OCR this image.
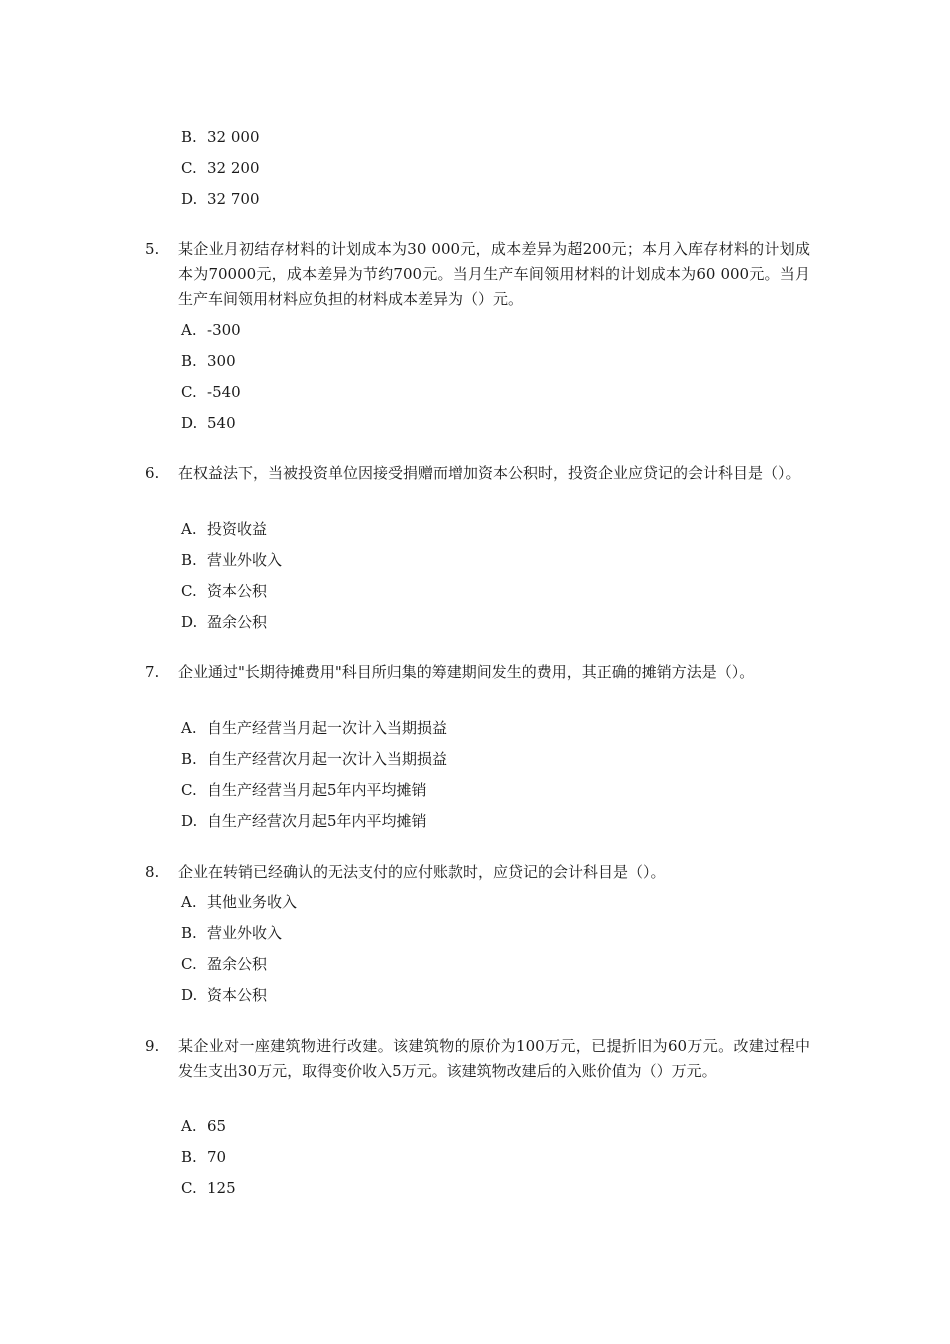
B. 32 000
C. 32 200
D. 32 700
5. 某企业月初结存材料的计划成本为30 000元，成本差异为超200元；本月入库存材料的计划成本为70000元，成本差异为节约700元。当月生产车间领用材料的计划成本为60 000元。当月生产车间领用材料应负担的材料成本差异为（）元。
A. -300
B. 300
C. -540
D. 540
6. 在权益法下，当被投资单位因接受捐赠而增加资本公积时，投资企业应贷记的会计科目是（）。
A. 投资收益
B. 营业外收入
C. 资本公积
D. 盈余公积
7. 企业通过"长期待摊费用"科目所归集的筹建期间发生的费用，其正确的摊销方法是（）。
A. 自生产经营当月起一次计入当期损益
B. 自生产经营次月起一次计入当期损益
C. 自生产经营当月起5年内平均摊销
D. 自生产经营次月起5年内平均摊销
8. 企业在转销已经确认的无法支付的应付账款时，应贷记的会计科目是（）。
A. 其他业务收入
B. 营业外收入
C. 盈余公积
D. 资本公积
9. 某企业对一座建筑物进行改建。该建筑物的原价为100万元，已提折旧为60万元。改建过程中发生支出30万元，取得变价收入5万元。该建筑物改建后的入账价值为（）万元。
A. 65
B. 70
C. 125
